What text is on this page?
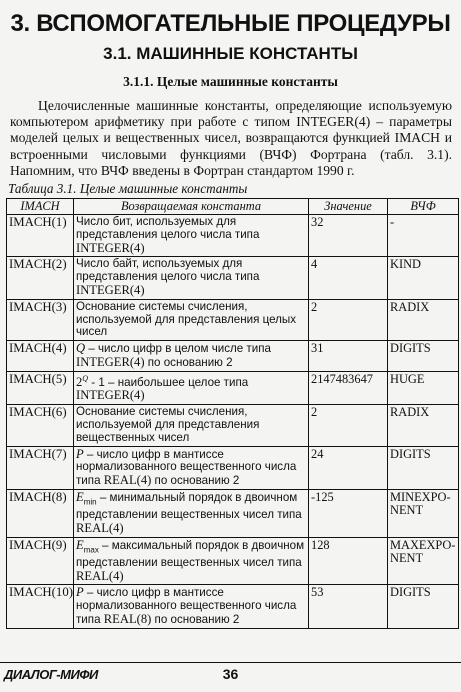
3. ВСПОМОГАТЕЛЬНЫЕ ПРОЦЕДУРЫ
3.1. МАШИННЫЕ КОНСТАНТЫ
3.1.1. Целые машинные константы

Целочисленные машинные константы, определяющие используемую компьютером арифметику при работе с типом INTEGER(4) – параметры моделей целых и вещественных чисел, возвращаются функцией IMACH и встроенными числовыми функциями (ВЧФ) Фортрана (табл. 3.1). Напомним, что ВЧФ введены в Фортран стандартом 1990 г.

Таблица 3.1. Целые машинные константы
IMACH	Возвращаемая константа	Значение	ВЧФ
IMACH(1)	Число бит, используемых для представления целого числа типа INTEGER(4)	32	-
IMACH(2)	Число байт, используемых для представления целого числа типа INTEGER(4)	4	KIND
IMACH(3)	Основание системы счисления, используемой для представления целых чисел	2	RADIX
IMACH(4)	Q – число цифр в целом числе типа INTEGER(4) по основанию 2	31	DIGITS
IMACH(5)	$2^Q - 1$ – наибольшее целое типа INTEGER(4)	2147483647	HUGE
IMACH(6)	Основание системы счисления, используемой для представления вещественных чисел	2	RADIX
IMACH(7)	P – число цифр в мантиссе нормализованного вещественного числа типа REAL(4) по основанию 2	24	DIGITS
IMACH(8)	$E_{min}$ – минимальный порядок в двоичном представлении вещественных чисел типа REAL(4)	-125	MINEXPO-NENT
IMACH(9)	$E_{max}$ – максимальный порядок в двоичном представлении вещественных чисел типа REAL(4)	128	MAXEXPO-NENT
IMACH(10)	P – число цифр в мантиссе нормализованного вещественного числа типа REAL(8) по основанию 2	53	DIGITS
ДИАЛОГ-МИФИ	36
